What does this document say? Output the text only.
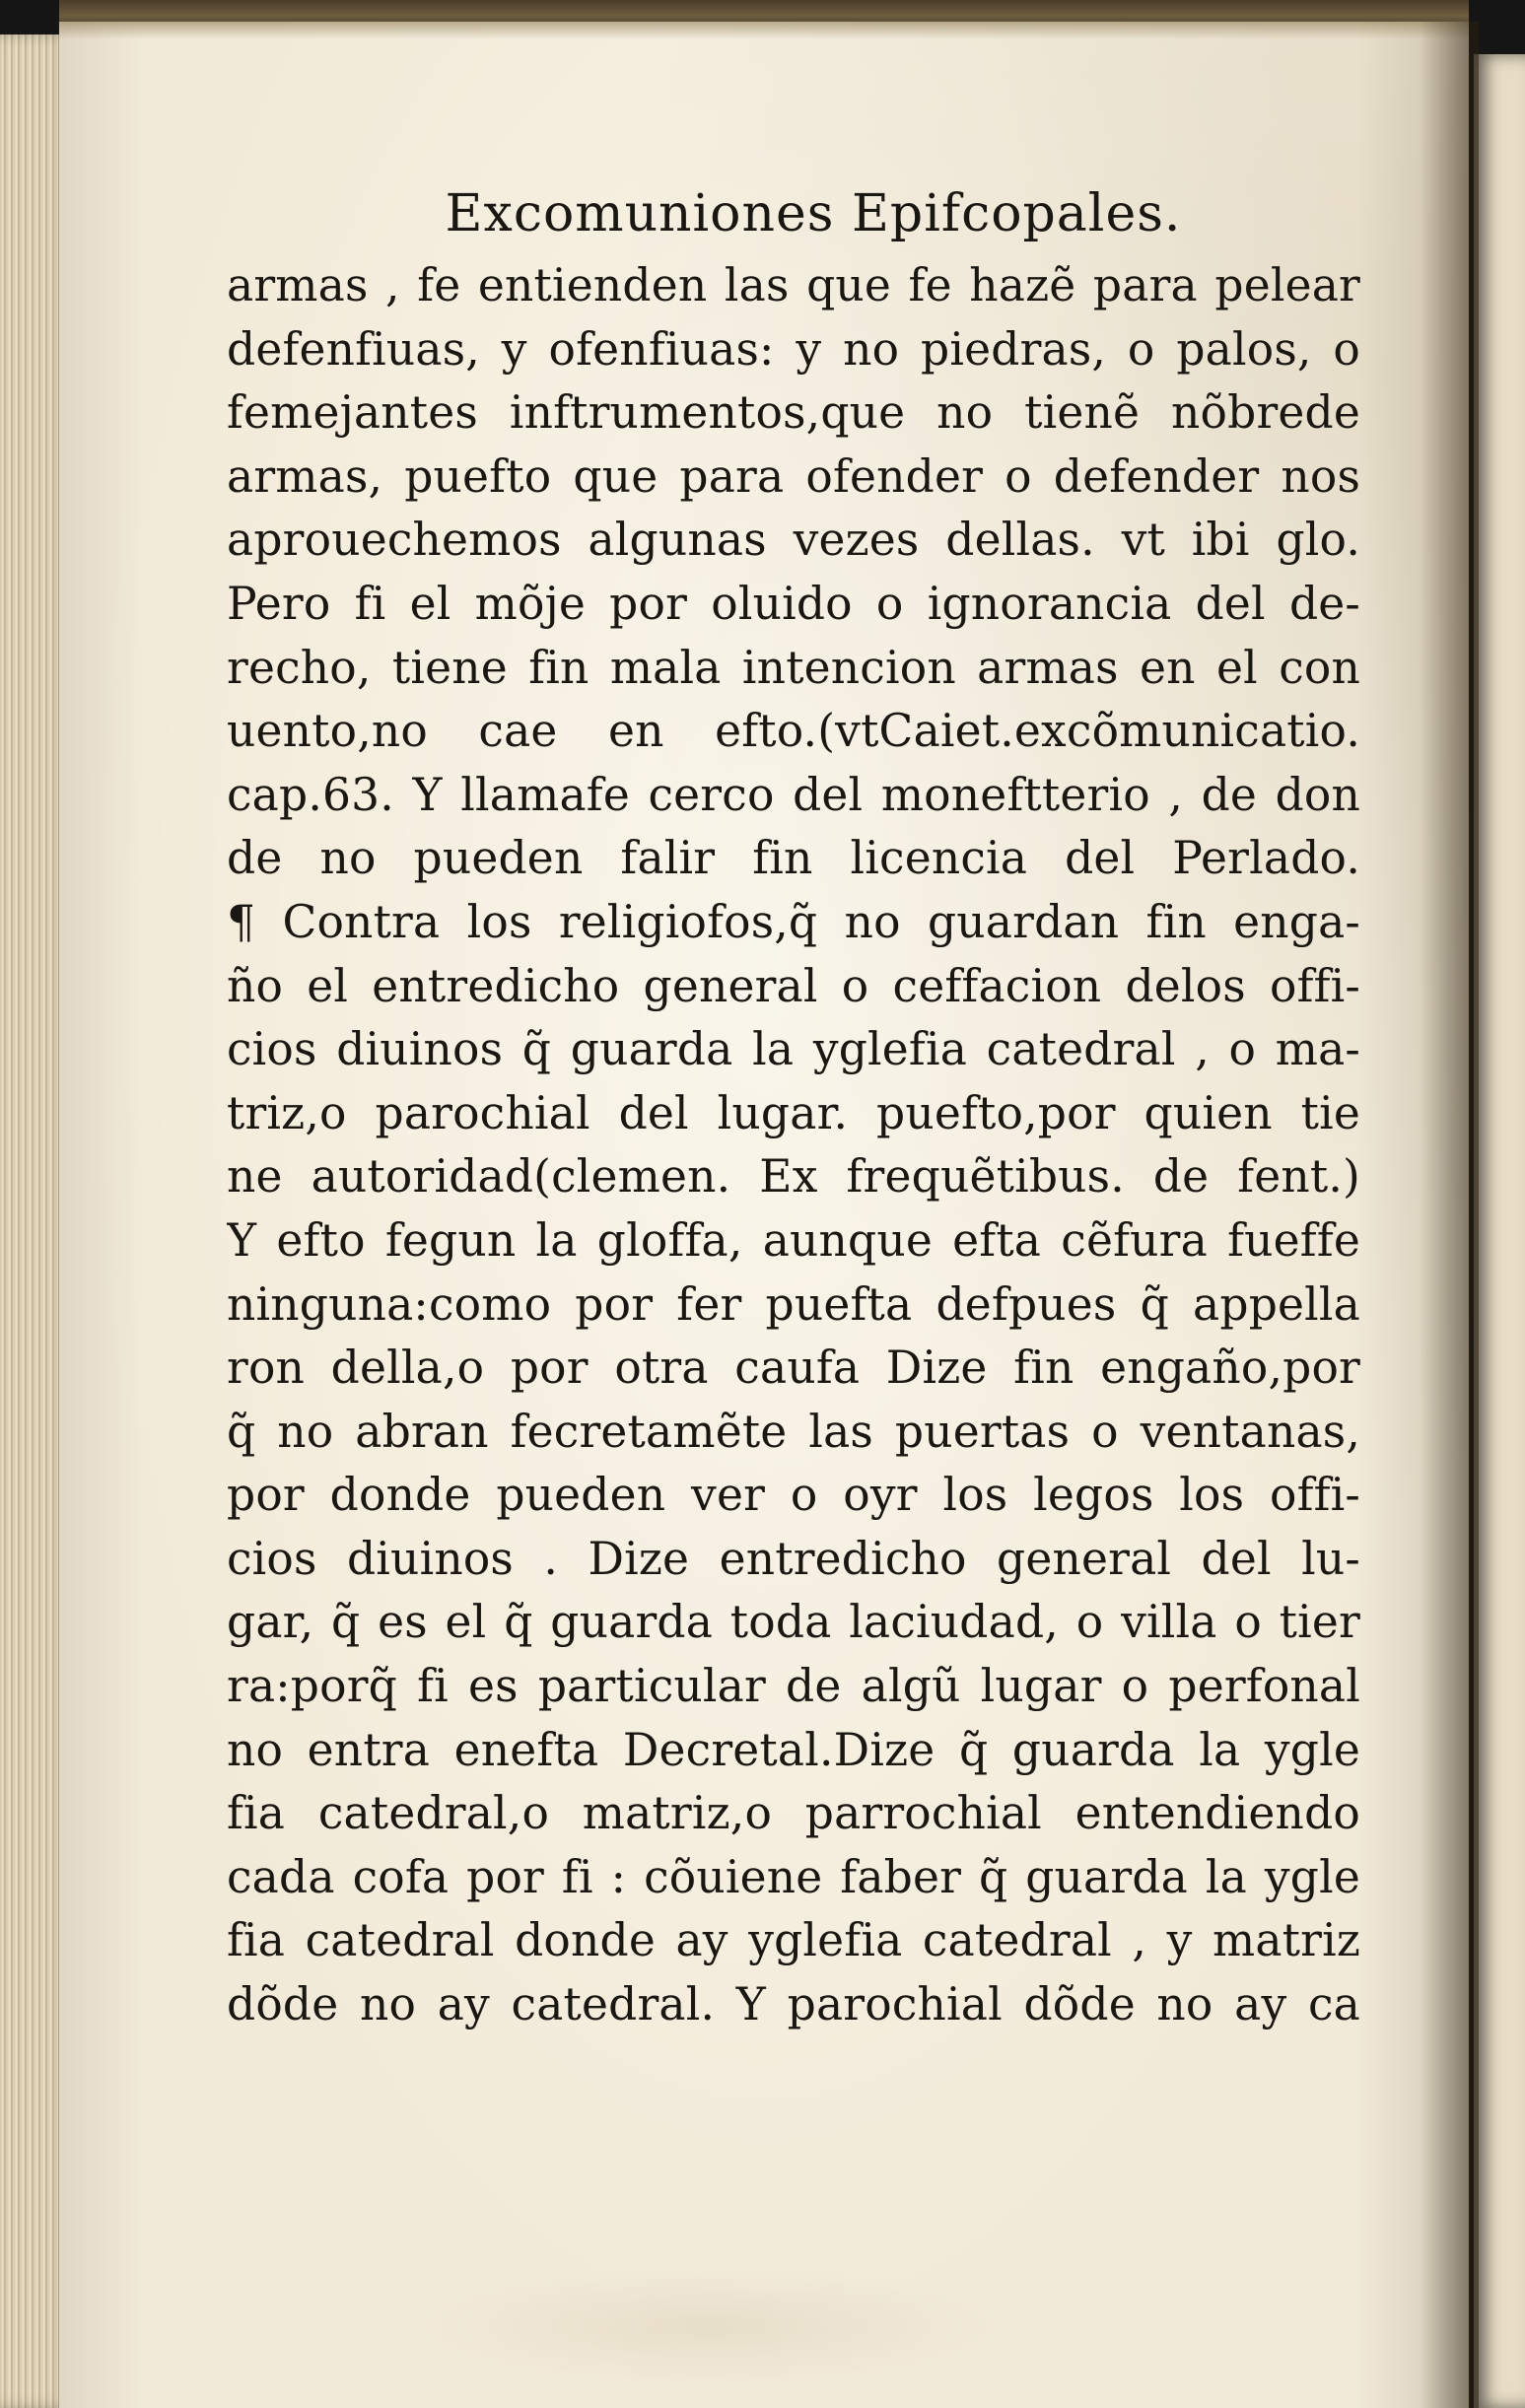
Excomuniones Epifcopales.
armas , fe entienden las que fe hazẽ para pelear
defenfiuas, y ofenfiuas: y no piedras, o palos, o
femejantes inftrumentos,que no tienẽ nõbrede
armas, puefto que para ofender o defender nos
aprouechemos algunas vezes dellas. vt ibi glo.
Pero fi el mõje por oluido o ignorancia del de-
recho, tiene fin mala intencion armas en el con
uento,no cae en efto.(vtCaiet.excõmunicatio.
cap.63. Y llamafe cerco del moneftterio , de don
de no pueden falir fin licencia del Perlado.
¶ Contra los religiofos,q̃ no guardan fin enga-
ño el entredicho general o ceffacion delos offi-
cios diuinos q̃ guarda la yglefia catedral , o ma-
triz,o parochial del lugar. puefto,por quien tie
ne autoridad(clemen. Ex frequẽtibus. de fent.)
Y efto fegun la gloffa, aunque efta cẽfura fueffe
ninguna:como por fer puefta defpues q̃ appella
ron della,o por otra caufa Dize fin engaño,por
q̃ no abran fecretamẽte las puertas o ventanas,
por donde pueden ver o oyr los legos los offi-
cios diuinos . Dize entredicho general del lu-
gar, q̃ es el q̃ guarda toda laciudad, o villa o tier
ra:porq̃ fi es particular de algũ lugar o perfonal
no entra enefta Decretal.Dize q̃ guarda la ygle
fia catedral,o matriz,o parrochial entendiendo
cada cofa por fi : cõuiene faber q̃ guarda la ygle
fia catedral donde ay yglefia catedral , y matriz
dõde no ay catedral. Y parochial dõde no ay ca
